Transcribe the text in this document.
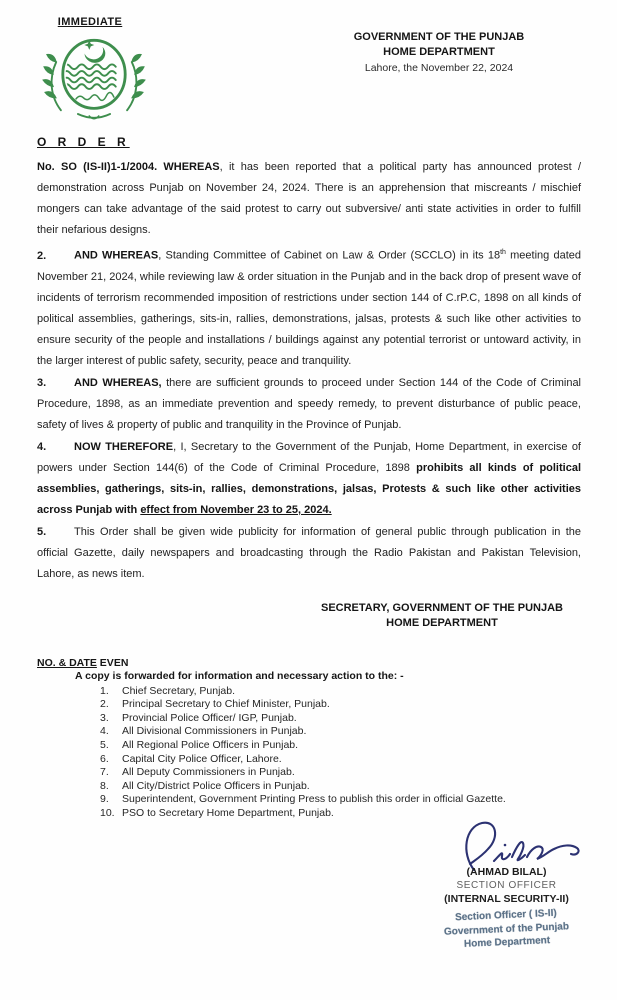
IMMEDIATE
GOVERNMENT OF THE PUNJAB
HOME DEPARTMENT
Lahore, the November 22, 2024
O R D E R

No. SO (IS-II)1-1/2004. WHEREAS, it has been reported that a political party has announced protest / demonstration across Punjab on November 24, 2024. There is an apprehension that miscreants / mischief mongers can take advantage of the said protest to carry out subversive/ anti state activities in order to fulfill their nefarious designs.

2.	AND WHEREAS, Standing Committee of Cabinet on Law & Order (SCCLO) in its 18th meeting dated November 21, 2024, while reviewing law & order situation in the Punjab and in the back drop of present wave of incidents of terrorism recommended imposition of restrictions under section 144 of C.rP.C, 1898 on all kinds of political assemblies, gatherings, sits-in, rallies, demonstrations, jalsas, protests & such like other activities to ensure security of the people and installations / buildings against any potential terrorist or untoward activity, in the larger interest of public safety, security, peace and tranquility.

3.	AND WHEREAS, there are sufficient grounds to proceed under Section 144 of the Code of Criminal Procedure, 1898, as an immediate prevention and speedy remedy, to prevent disturbance of public peace, safety of lives & property of public and tranquility in the Province of Punjab.

4.	NOW THEREFORE, I, Secretary to the Government of the Punjab, Home Department, in exercise of powers under Section 144(6) of the Code of Criminal Procedure, 1898 prohibits all kinds of political assemblies, gatherings, sits-in, rallies, demonstrations, jalsas, Protests & such like other activities across Punjab with effect from November 23 to 25, 2024.

5.	This Order shall be given wide publicity for information of general public through publication in the official Gazette, daily newspapers and broadcasting through the Radio Pakistan and Pakistan Television, Lahore, as news item.

SECRETARY, GOVERNMENT OF THE PUNJAB
HOME DEPARTMENT
NO. & DATE EVEN
A copy is forwarded for information and necessary action to the: -
1.	Chief Secretary, Punjab.
2.	Principal Secretary to Chief Minister, Punjab.
3.	Provincial Police Officer/ IGP, Punjab.
4.	All Divisional Commissioners in Punjab.
5.	All Regional Police Officers in Punjab.
6.	Capital City Police Officer, Lahore.
7.	All Deputy Commissioners in Punjab.
8.	All City/District Police Officers in Punjab.
9.	Superintendent, Government Printing Press to publish this order in official Gazette.
10. PSO to Secretary Home Department, Punjab.
(AHMAD BILAL)
SECTION OFFICER
(INTERNAL SECURITY-II)
Section Officer ( IS-II)
Government of the Punjab
Home Department
